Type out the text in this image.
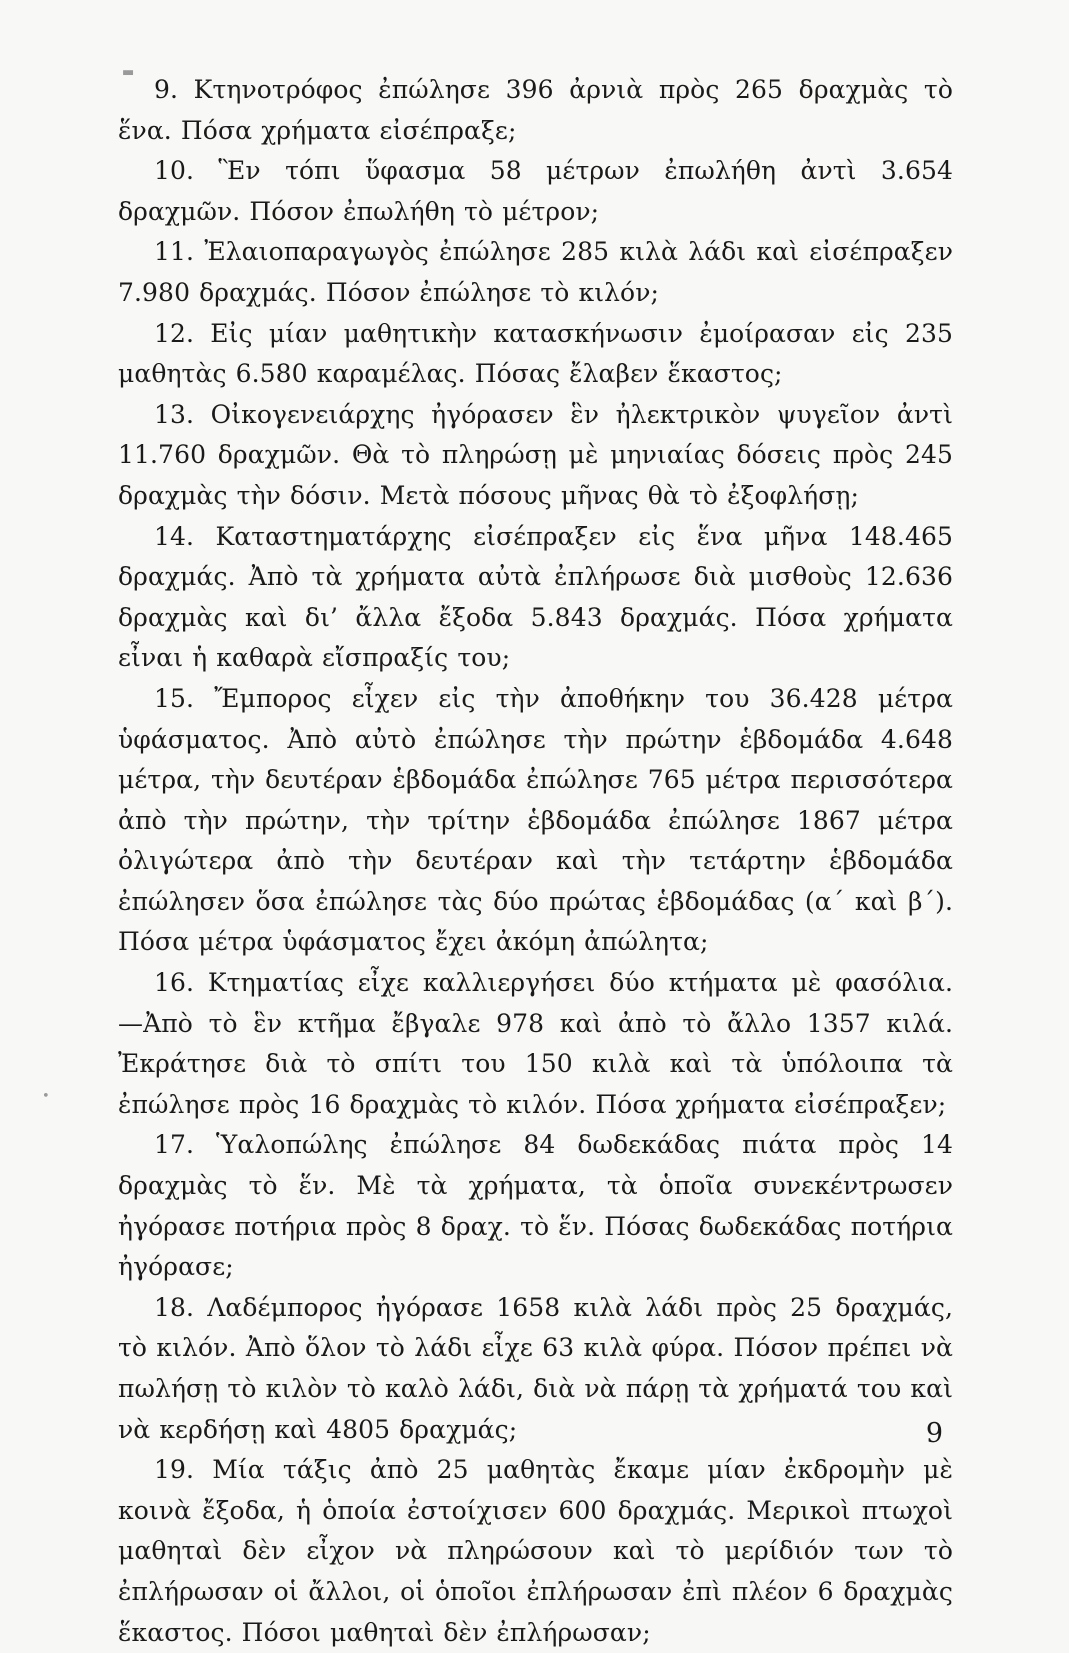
▬
•

9. Κτηνοτρόφος ἐπώλησε 396 ἀρνιὰ πρὸς 265 δραχμὰς τὸ ἕνα. Πόσα χρήματα εἰσέπραξε;

10. Ἓν τόπι ὕφασμα 58 μέτρων ἐπωλήθη ἀντὶ 3.654 δραχμῶν. Πόσον ἐπωλήθη τὸ μέτρον;

11. Ἐλαιοπαραγωγὸς ἐπώλησε 285 κιλὰ λάδι καὶ εἰσέπραξεν 7.980 δραχμάς. Πόσον ἐπώλησε τὸ κιλόν;

12. Εἰς μίαν μαθητικὴν κατασκήνωσιν ἐμοίρασαν εἰς 235 μαθητὰς 6.580 καραμέλας. Πόσας ἔλαβεν ἕκαστος;

13. Οἰκογενειάρχης ἠγόρασεν ἓν ἠλεκτρικὸν ψυγεῖον ἀντὶ 11.760 δραχμῶν. Θὰ τὸ πληρώσῃ μὲ μηνιαίας δόσεις πρὸς 245 δραχμὰς τὴν δόσιν. Μετὰ πόσους μῆνας θὰ τὸ ἐξοφλήσῃ;

14. Καταστηματάρχης εἰσέπραξεν εἰς ἕνα μῆνα 148.465 δραχμάς. Ἀπὸ τὰ χρήματα αὐτὰ ἐπλήρωσε διὰ μισθοὺς 12.636 δραχμὰς καὶ δι’ ἄλλα ἔξοδα 5.843 δραχμάς. Πόσα χρήματα εἶναι ἡ καθαρὰ εἴσπραξίς του;

15. Ἔμπορος εἶχεν εἰς τὴν ἀποθήκην του 36.428 μέτρα ὑφάσματος. Ἀπὸ αὐτὸ ἐπώλησε τὴν πρώτην ἑβδομάδα 4.648 μέτρα, τὴν δευτέραν ἑβδομάδα ἐπώλησε 765 μέτρα περισσότερα ἀπὸ τὴν πρώτην, τὴν τρίτην ἑβδομάδα ἐπώλησε 1867 μέτρα ὀλιγώτερα ἀπὸ τὴν δευτέραν καὶ τὴν τετάρτην ἑβδομάδα ἐπώλησεν ὅσα ἐπώλησε τὰς δύο πρώτας ἑβδομάδας (α΄ καὶ β΄). Πόσα μέτρα ὑφάσματος ἔχει ἀκόμη ἀπώλητα;

16. Κτηματίας εἶχε καλλιεργήσει δύο κτήματα μὲ φασόλια. —Ἀπὸ τὸ ἓν κτῆμα ἔβγαλε 978 καὶ ἀπὸ τὸ ἄλλο 1357 κιλά. Ἐκράτησε διὰ τὸ σπίτι του 150 κιλὰ καὶ τὰ ὑπόλοιπα τὰ ἐπώλησε πρὸς 16 δραχμὰς τὸ κιλόν. Πόσα χρήματα εἰσέπραξεν;

17. Ὑαλοπώλης ἐπώλησε 84 δωδεκάδας πιάτα πρὸς 14 δραχμὰς τὸ ἕν. Μὲ τὰ χρήματα, τὰ ὁποῖα συνεκέντρωσεν ἠγόρασε ποτήρια πρὸς 8 δραχ. τὸ ἕν. Πόσας δωδεκάδας ποτήρια ἠγόρασε;

18. Λαδέμπορος ἠγόρασε 1658 κιλὰ λάδι πρὸς 25 δραχμάς, τὸ κιλόν. Ἀπὸ ὅλον τὸ λάδι εἶχε 63 κιλὰ φύρα. Πόσον πρέπει νὰ πωλήσῃ τὸ κιλὸν τὸ καλὸ λάδι, διὰ νὰ πάρῃ τὰ χρήματά του καὶ νὰ κερδήσῃ καὶ 4805 δραχμάς;

19. Μία τάξις ἀπὸ 25 μαθητὰς ἔκαμε μίαν ἐκδρομὴν μὲ κοινὰ ἔξοδα, ἡ ὁποία ἐστοίχισεν 600 δραχμάς. Μερικοὶ πτωχοὶ μαθηταὶ δὲν εἶχον νὰ πληρώσουν καὶ τὸ μερίδιόν των τὸ ἐπλήρωσαν οἱ ἄλλοι, οἱ ὁποῖοι ἐπλήρωσαν ἐπὶ πλέον 6 δραχμὰς ἕκαστος. Πόσοι μαθηταὶ δὲν ἐπλήρωσαν;

9
